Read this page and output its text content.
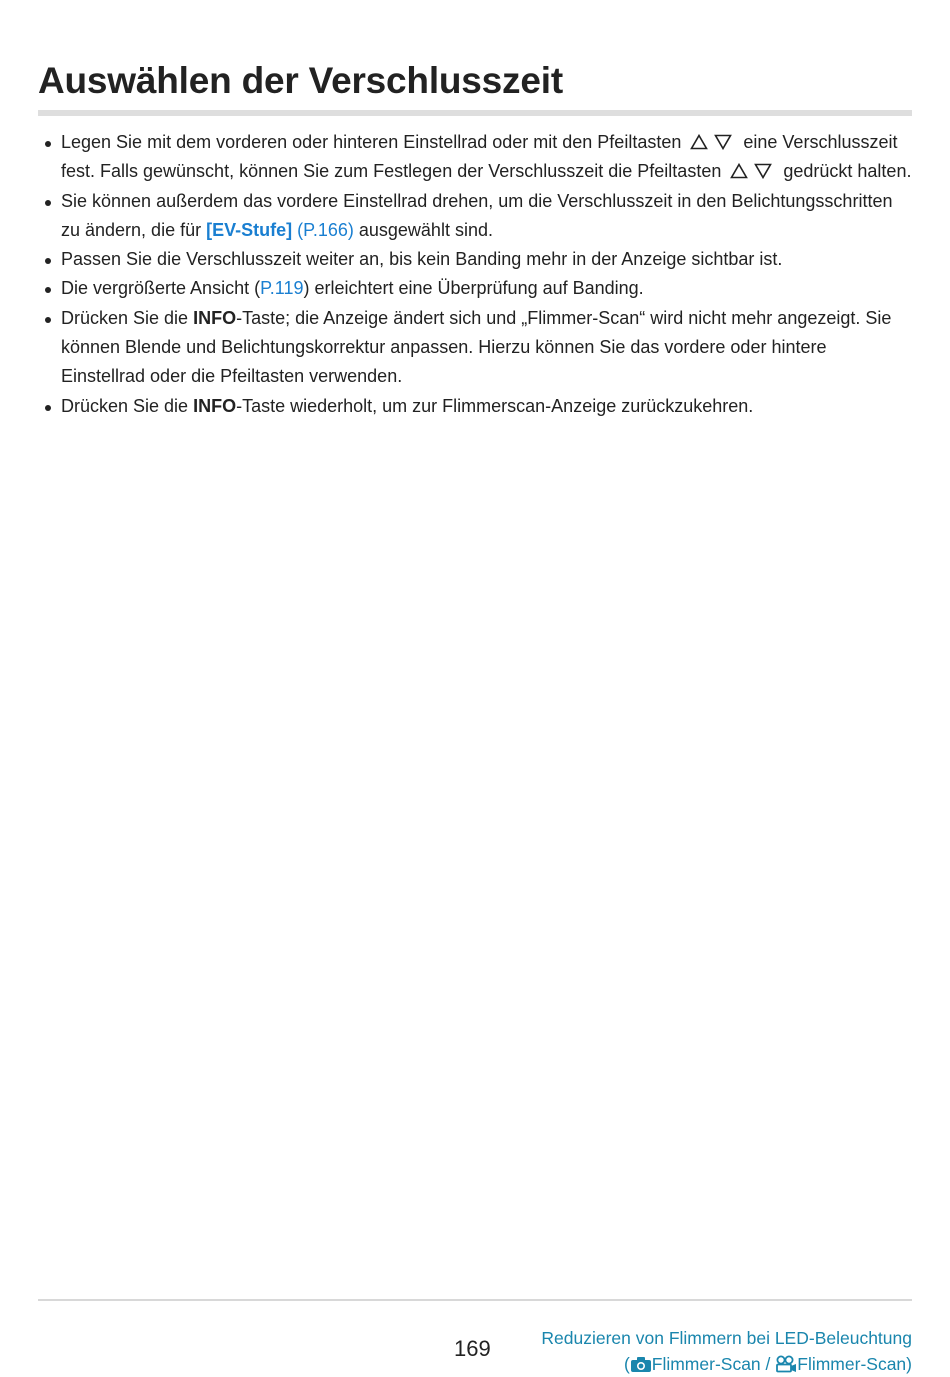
Auswählen der Verschlusszeit
Legen Sie mit dem vorderen oder hinteren Einstellrad oder mit den Pfeiltasten	eine Verschlusszeit fest. Falls gewünscht, können Sie zum Festlegen der Verschlusszeit die Pfeiltasten	gedrückt halten.
Sie können außerdem das vordere Einstellrad drehen, um die Verschlusszeit in den Belichtungsschritten zu ändern, die für [EV-Stufe] (P.166) ausgewählt sind.
Passen Sie die Verschlusszeit weiter an, bis kein Banding mehr in der Anzeige sichtbar ist.
Die vergrößerte Ansicht (P.119) erleichtert eine Überprüfung auf Banding.
Drücken Sie die INFO-Taste; die Anzeige ändert sich und „Flimmer-Scan“ wird nicht mehr angezeigt. Sie können Blende und Belichtungskorrektur anpassen. Hierzu können Sie das vordere oder hintere Einstellrad oder die Pfeiltasten verwenden.
Drücken Sie die INFO-Taste wiederholt, um zur Flimmerscan-Anzeige zurückzukehren.
169	Reduzieren von Flimmern bei LED-Beleuchtung
( Flimmer-Scan / Flimmer-Scan)
